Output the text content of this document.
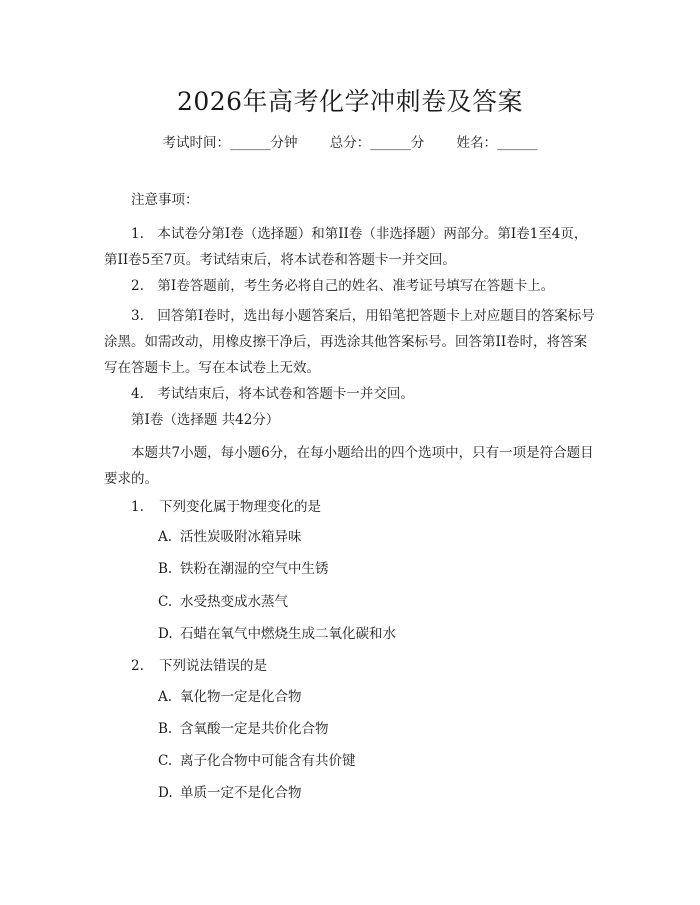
2026年高考化学冲刺卷及答案
考试时间：______分钟 总分：______分 姓名：______
注意事项：

1.　本试卷分第I卷（选择题）和第II卷（非选择题）两部分。第I卷1至4页，第II卷5至7页。考试结束后，将本试卷和答题卡一并交回。

2.　第I卷答题前，考生务必将自己的姓名、准考证号填写在答题卡上。

3.　回答第I卷时，选出每小题答案后，用铅笔把答题卡上对应题目的答案标号涂黑。如需改动，用橡皮擦干净后，再选涂其他答案标号。回答第II卷时，将答案写在答题卡上。写在本试卷上无效。

4.　考试结束后，将本试卷和答题卡一并交回。

第I卷（选择题 共42分）

本题共7小题，每小题6分，在每小题给出的四个选项中，只有一项是符合题目要求的。

1. 下列变化属于物理变化的是
A. 活性炭吸附冰箱异味
B. 铁粉在潮湿的空气中生锈
C. 水受热变成水蒸气
D. 石蜡在氧气中燃烧生成二氧化碳和水
2. 下列说法错误的是
A. 氧化物一定是化合物
B. 含氧酸一定是共价化合物
C. 离子化合物中可能含有共价键
D. 单质一定不是化合物
